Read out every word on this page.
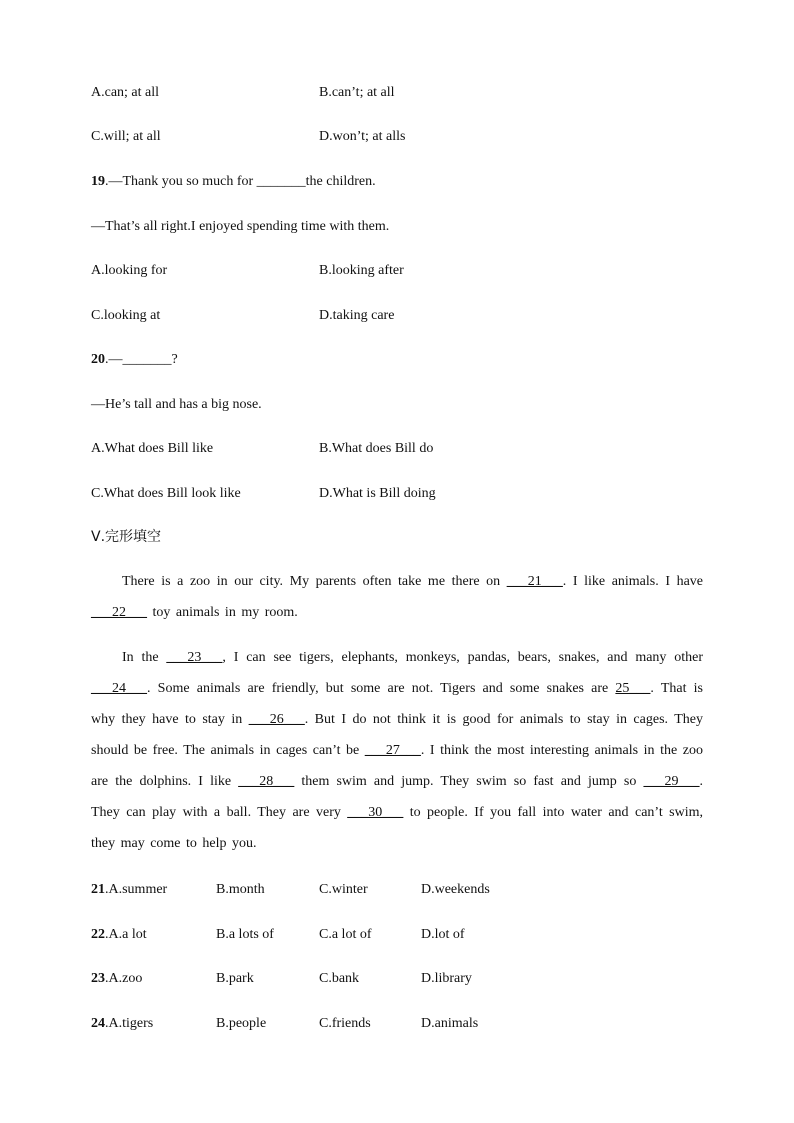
A.can; at all	B.can’t; at all
C.will; at all	D.won’t; at alls
19.—Thank you so much for _______the children.
—That’s all right.I enjoyed spending time with them.
A.looking for	B.looking after
C.looking at	D.taking care
20.—_______?
—He’s tall and has a big nose.
A.What does Bill like	B.What does Bill do
C.What does Bill look like	D.What is Bill doing
Ⅴ.完形填空

There is a zoo in our city. My parents often take me there on ___21___. I like animals. I have ___22___ toy animals in my room.

In the ___23___, I can see tigers, elephants, monkeys, pandas, bears, snakes, and many other ___24___. Some animals are friendly, but some are not. Tigers and some snakes are 25___. That is why they have to stay in ___26___. But I do not think it is good for animals to stay in cages. They should be free. The animals in cages can’t be ___27___. I think the most interesting animals in the zoo are the dolphins. I like ___28___ them swim and jump. They swim so fast and jump so ___29___. They can play with a ball. They are very ___30___ to people. If you fall into water and can’t swim, they may come to help you.

21.A.summer	B.month	C.winter	D.weekends
22.A.a lot	B.a lots of	C.a lot of	D.lot of
23.A.zoo	B.park	C.bank	D.library
24.A.tigers	B.people	C.friends	D.animals
